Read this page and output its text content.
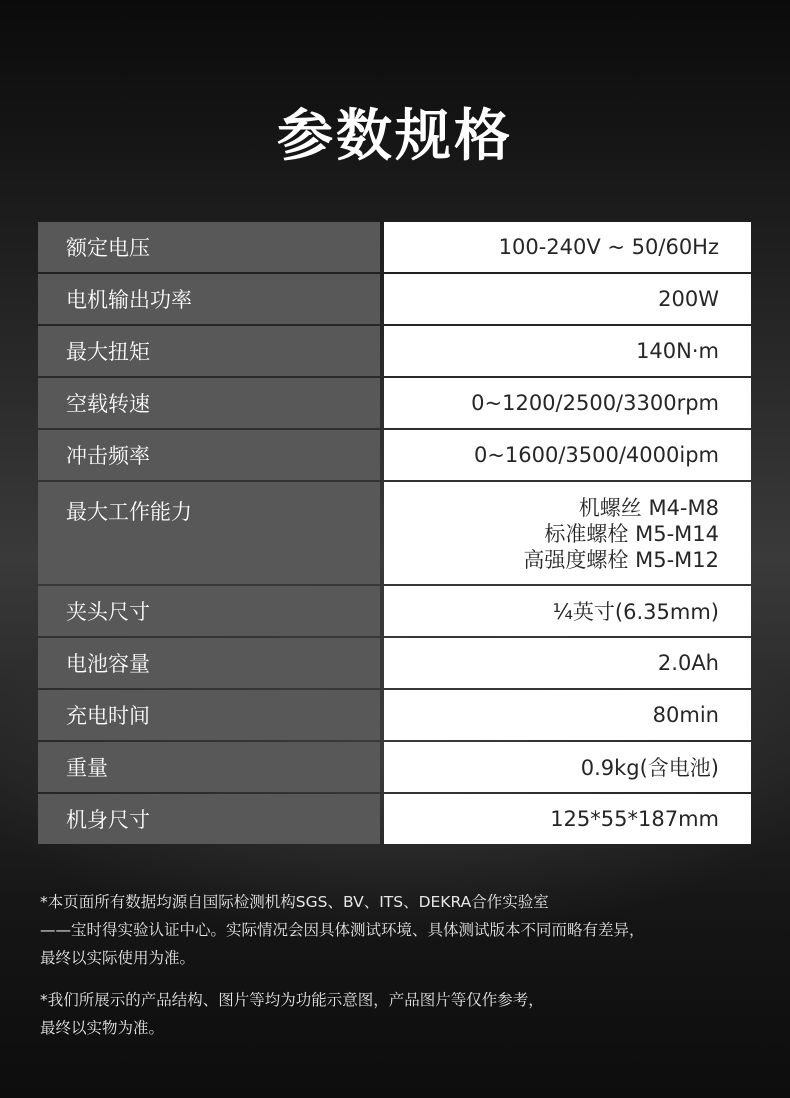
参数规格
额定电压	100-240V ~ 50/60Hz
电机输出功率	200W
最大扭矩	140N·m
空载转速	0~1200/2500/3300rpm
冲击频率	0~1600/3500/4000ipm
最大工作能力	机螺丝 M4-M8
标准螺栓 M5-M14
高强度螺栓 M5-M12
夹头尺寸	¼英寸(6.35mm)
电池容量	2.0Ah
充电时间	80min
重量	0.9kg(含电池)
机身尺寸	125*55*187mm
*本页面所有数据均源自国际检测机构SGS、BV、ITS、DEKRA合作实验室
——宝时得实验认证中心。实际情况会因具体测试环境、具体测试版本不同而略有差异，
最终以实际使用为准。
*我们所展示的产品结构、图片等均为功能示意图，产品图片等仅作参考，
最终以实物为准。
